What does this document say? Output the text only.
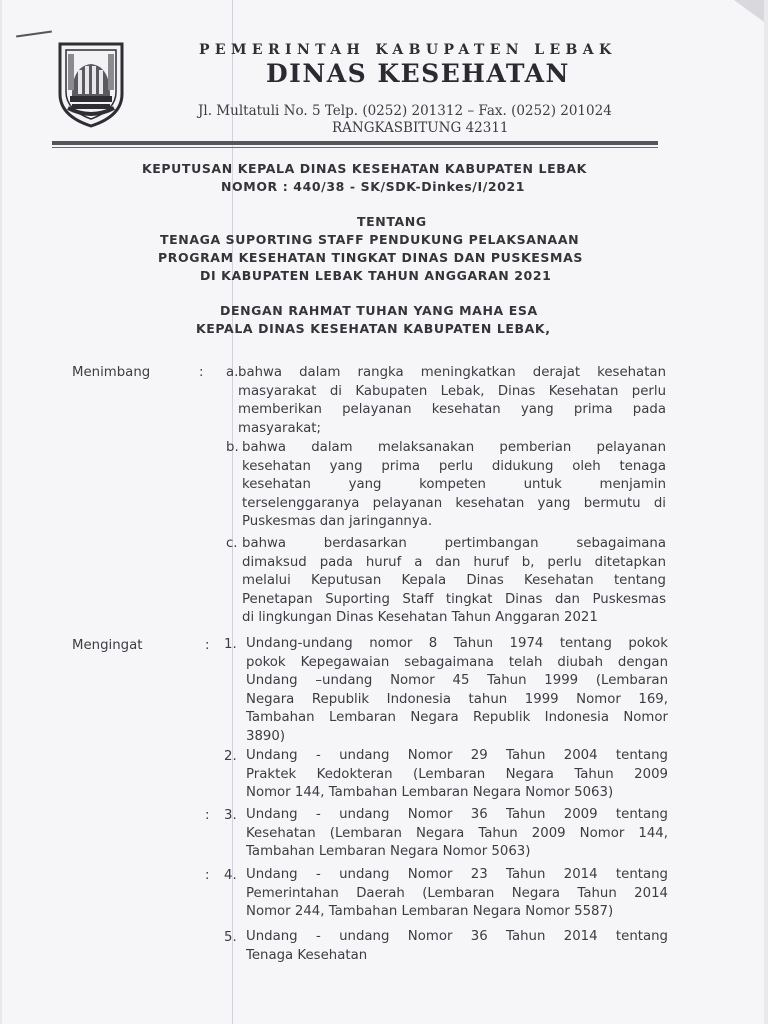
PEMERINTAH KABUPATEN LEBAK
DINAS KESEHATAN
Jl. Multatuli No. 5 Telp. (0252) 201312 – Fax. (0252) 201024
RANGKASBITUNG 42311
KEPUTUSAN KEPALA DINAS KESEHATAN KABUPATEN LEBAK
NOMOR : 440/38 - SK/SDK-Dinkes/I/2021
TENTANG
TENAGA SUPORTING STAFF PENDUKUNG PELAKSANAAN
PROGRAM KESEHATAN TINGKAT DINAS DAN PUSKESMAS
DI KABUPATEN LEBAK TAHUN ANGGARAN 2021
DENGAN RAHMAT TUHAN YANG MAHA ESA
KEPALA DINAS KESEHATAN KABUPATEN LEBAK,
Menimbang	: a. bahwa dalam rangka meningkatkan derajat kesehatan
masyarakat di Kabupaten Lebak, Dinas Kesehatan perlu
memberikan pelayanan kesehatan yang prima pada
masyarakat;
b. bahwa dalam melaksanakan pemberian pelayanan
kesehatan yang prima perlu didukung oleh tenaga
kesehatan yang kompeten untuk menjamin
terselenggaranya pelayanan kesehatan yang bermutu di
Puskesmas dan jaringannya.
c. bahwa berdasarkan pertimbangan sebagaimana
dimaksud pada huruf a dan huruf b, perlu ditetapkan
melalui Keputusan Kepala Dinas Kesehatan tentang
Penetapan Suporting Staff tingkat Dinas dan Puskesmas
di lingkungan Dinas Kesehatan Tahun Anggaran 2021
Mengingat	: 1. Undang-undang nomor 8 Tahun 1974 tentang pokok
pokok Kepegawaian sebagaimana telah diubah dengan
Undang –undang Nomor 45 Tahun 1999 (Lembaran
Negara Republik Indonesia tahun 1999 Nomor 169,
Tambahan Lembaran Negara Republik Indonesia Nomor
3890)
2. Undang - undang Nomor 29 Tahun 2004 tentang
Praktek Kedokteran (Lembaran Negara Tahun 2009
Nomor 144, Tambahan Lembaran Negara Nomor 5063)
: 3. Undang - undang Nomor 36 Tahun 2009 tentang
Kesehatan (Lembaran Negara Tahun 2009 Nomor 144,
Tambahan Lembaran Negara Nomor 5063)
: 4. Undang - undang Nomor 23 Tahun 2014 tentang
Pemerintahan Daerah (Lembaran Negara Tahun 2014
Nomor 244, Tambahan Lembaran Negara Nomor 5587)
5. Undang - undang Nomor 36 Tahun 2014 tentang
Tenaga Kesehatan
